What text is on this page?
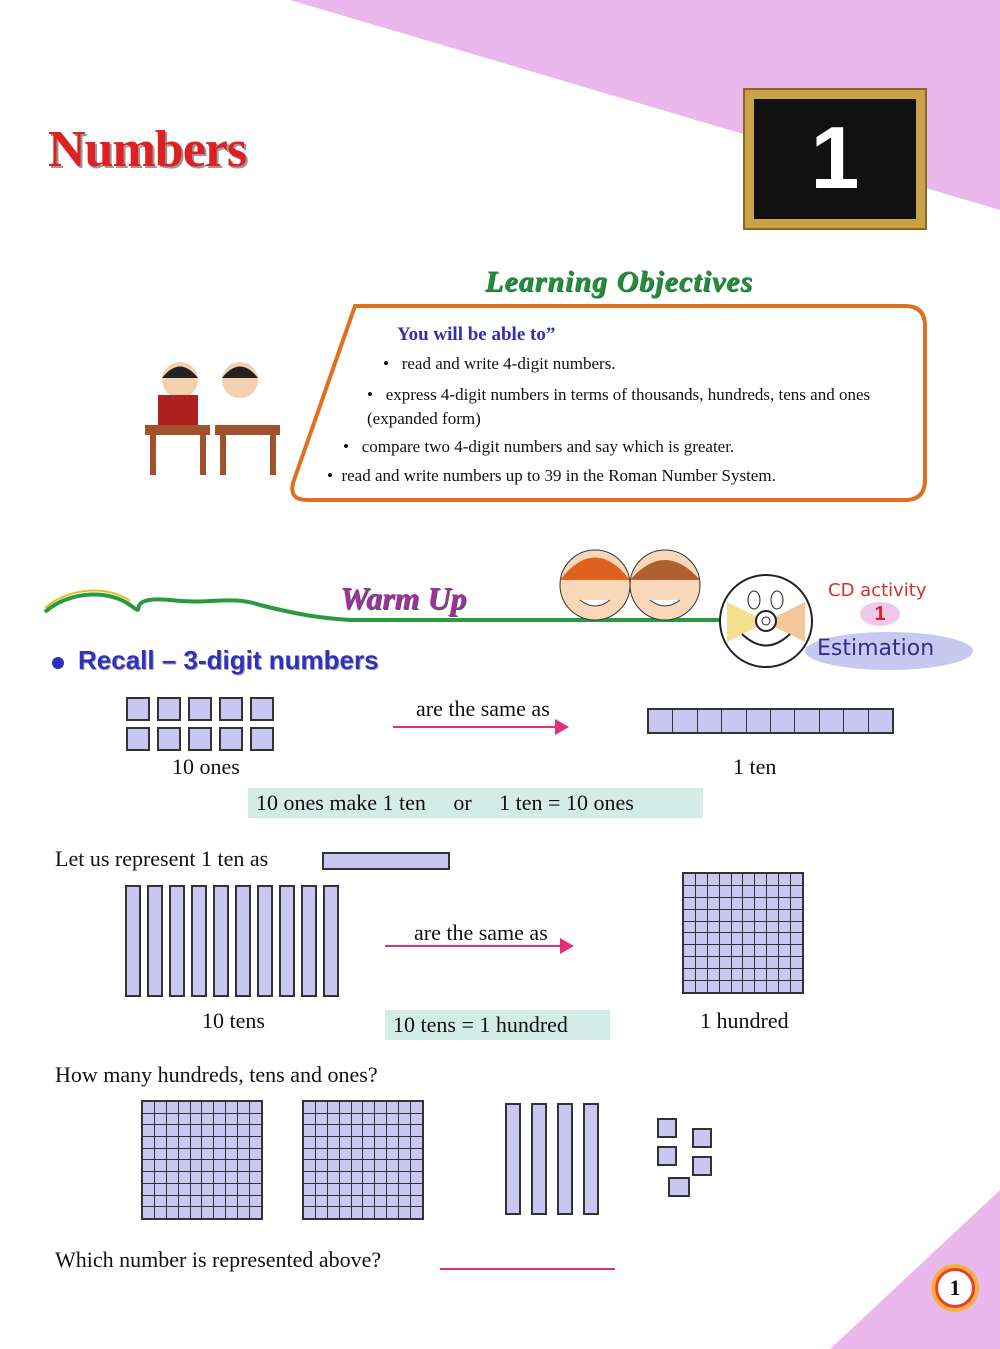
Numbers	1
Learning Objectives
You will be able to”
•   read and write 4-digit numbers.
•   express 4-digit numbers in terms of thousands, hundreds, tens and ones (expanded form)
•   compare two 4-digit numbers and say which is greater.
•  read and write numbers up to 39 in the Roman Number System.
Warm Up	CD activity
1
Estimation
Recall – 3-digit numbers
10 ones
are the same as
1 ten
10 ones make 1 ten     or     1 ten = 10 ones
Let us represent 1 ten as
10 tens
are the same as
10 tens = 1 hundred	1 hundred
How many hundreds, tens and ones?
Which number is represented above?
1
